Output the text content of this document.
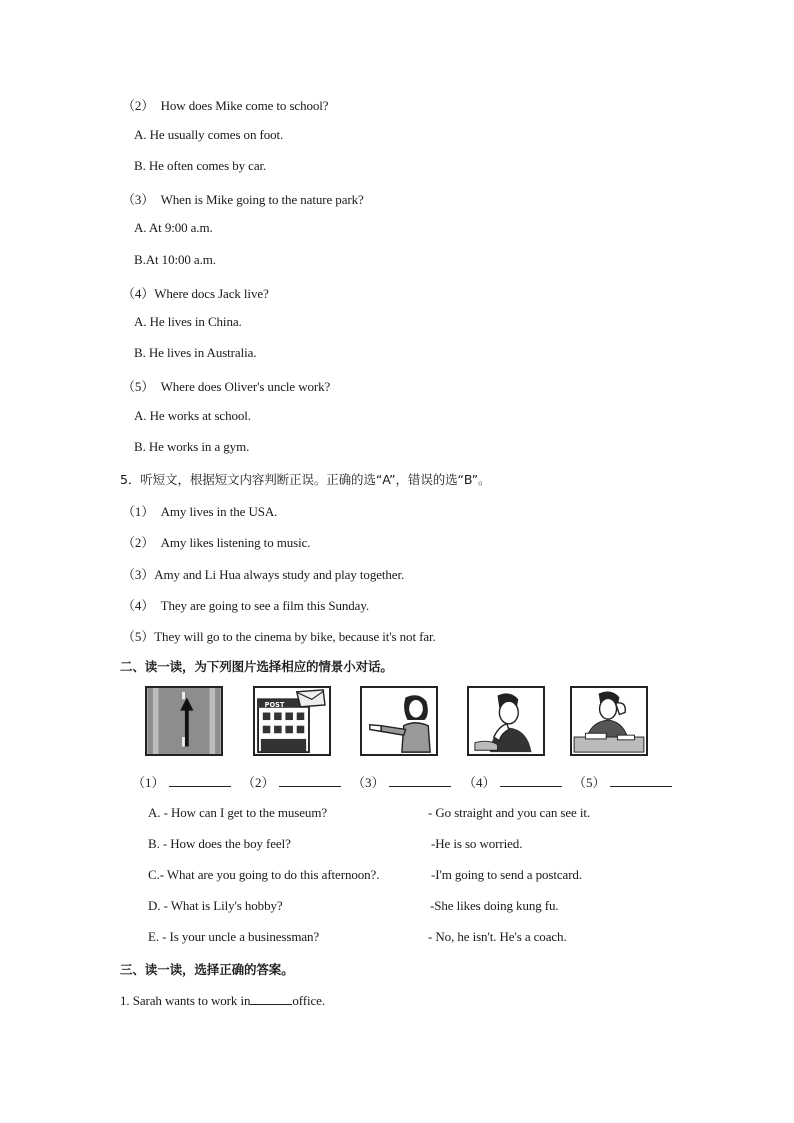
（2）　How does Mike come to school?
A. He usually comes on foot.
B. He often comes by car.
（3）　When is Mike going to the nature park?
A. At 9:00 a.m.
B.At 10:00 a.m.
（4）Where docs Jack live?
A. He lives in China.
B. He lives in Australia.
（5）　Where does Oliver's uncle work?
A. He works at school.
B. He works in a gym.
5．听短文，根据短文内容判断正误。正确的选“A”，错误的选“B”。
（1）　Amy lives in the USA.
（2）　Amy likes listening to music.
（3）Amy and Li Hua always study and play together.
（4）　They are going to see a film this Sunday.
（5）They will go to the cinema by bike, because it's not far.
二、读一读，为下列图片选择相应的情景小对话。
POST
（1）	（2）	（3）	（4）	（5）
A. - How can I get to the museum?	- Go straight and you can see it.
B. - How does the boy feel?	-He is so worried.
C.- What are you going to do this afternoon?.	-I'm going to send a postcard.
D. - What is Lily's hobby?	-She likes doing kung fu.
E. - Is your uncle a businessman?	- No, he isn't. He's a coach.
三、读一读，选择正确的答案。
1. Sarah wants to work in	office.
